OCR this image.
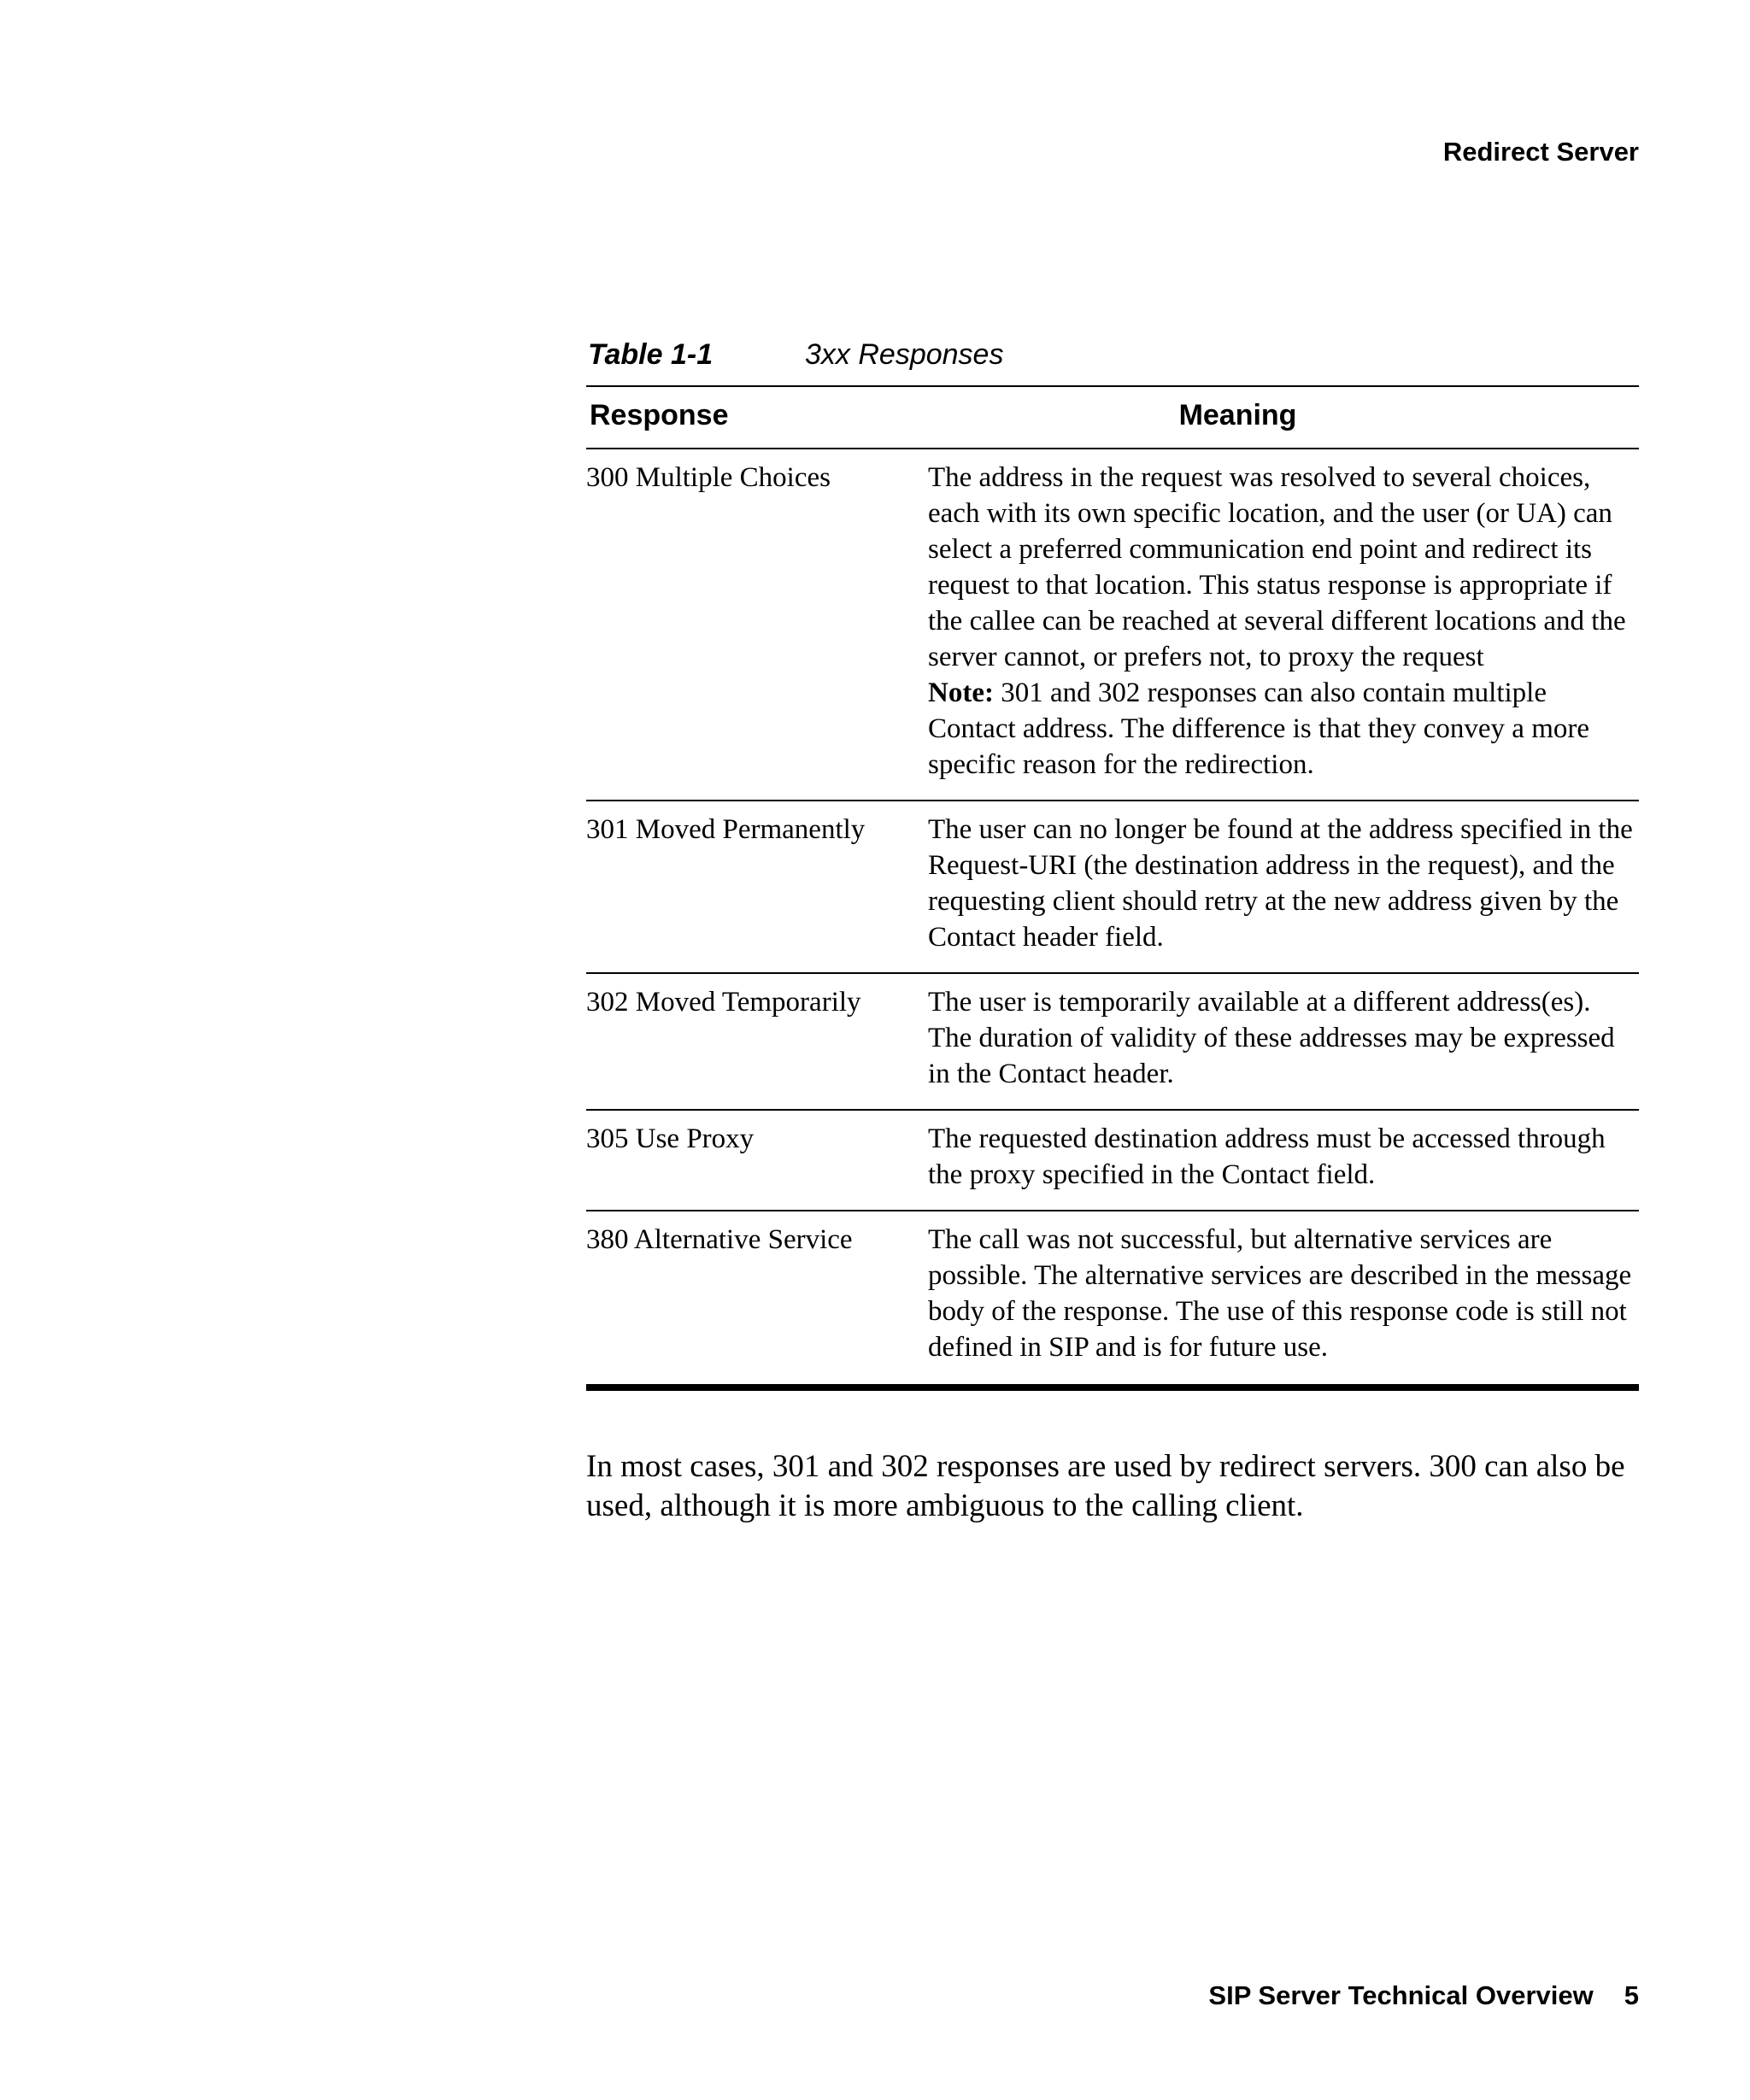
Redirect Server
Table 1-1	3xx Responses
Response	Meaning
300 Multiple Choices	The address in the request was resolved to several choices, each with its own specific location, and the user (or UA) can select a preferred communication end point and redirect its request to that location. This status response is appropriate if the callee can be reached at several different locations and the server cannot, or prefers not, to proxy the request
Note: 301 and 302 responses can also contain multiple Contact address. The difference is that they convey a more specific reason for the redirection.
301 Moved Permanently	The user can no longer be found at the address specified in the Request-URI (the destination address in the request), and the requesting client should retry at the new address given by the Contact header field.
302 Moved Temporarily	The user is temporarily available at a different address(es). The duration of validity of these addresses may be expressed in the Contact header.
305 Use Proxy	The requested destination address must be accessed through the proxy specified in the Contact field.
380 Alternative Service	The call was not successful, but alternative services are possible. The alternative services are described in the message body of the response. The use of this response code is still not defined in SIP and is for future use.
In most cases, 301 and 302 responses are used by redirect servers. 300 can also be used, although it is more ambiguous to the calling client.
SIP Server Technical Overview 5
